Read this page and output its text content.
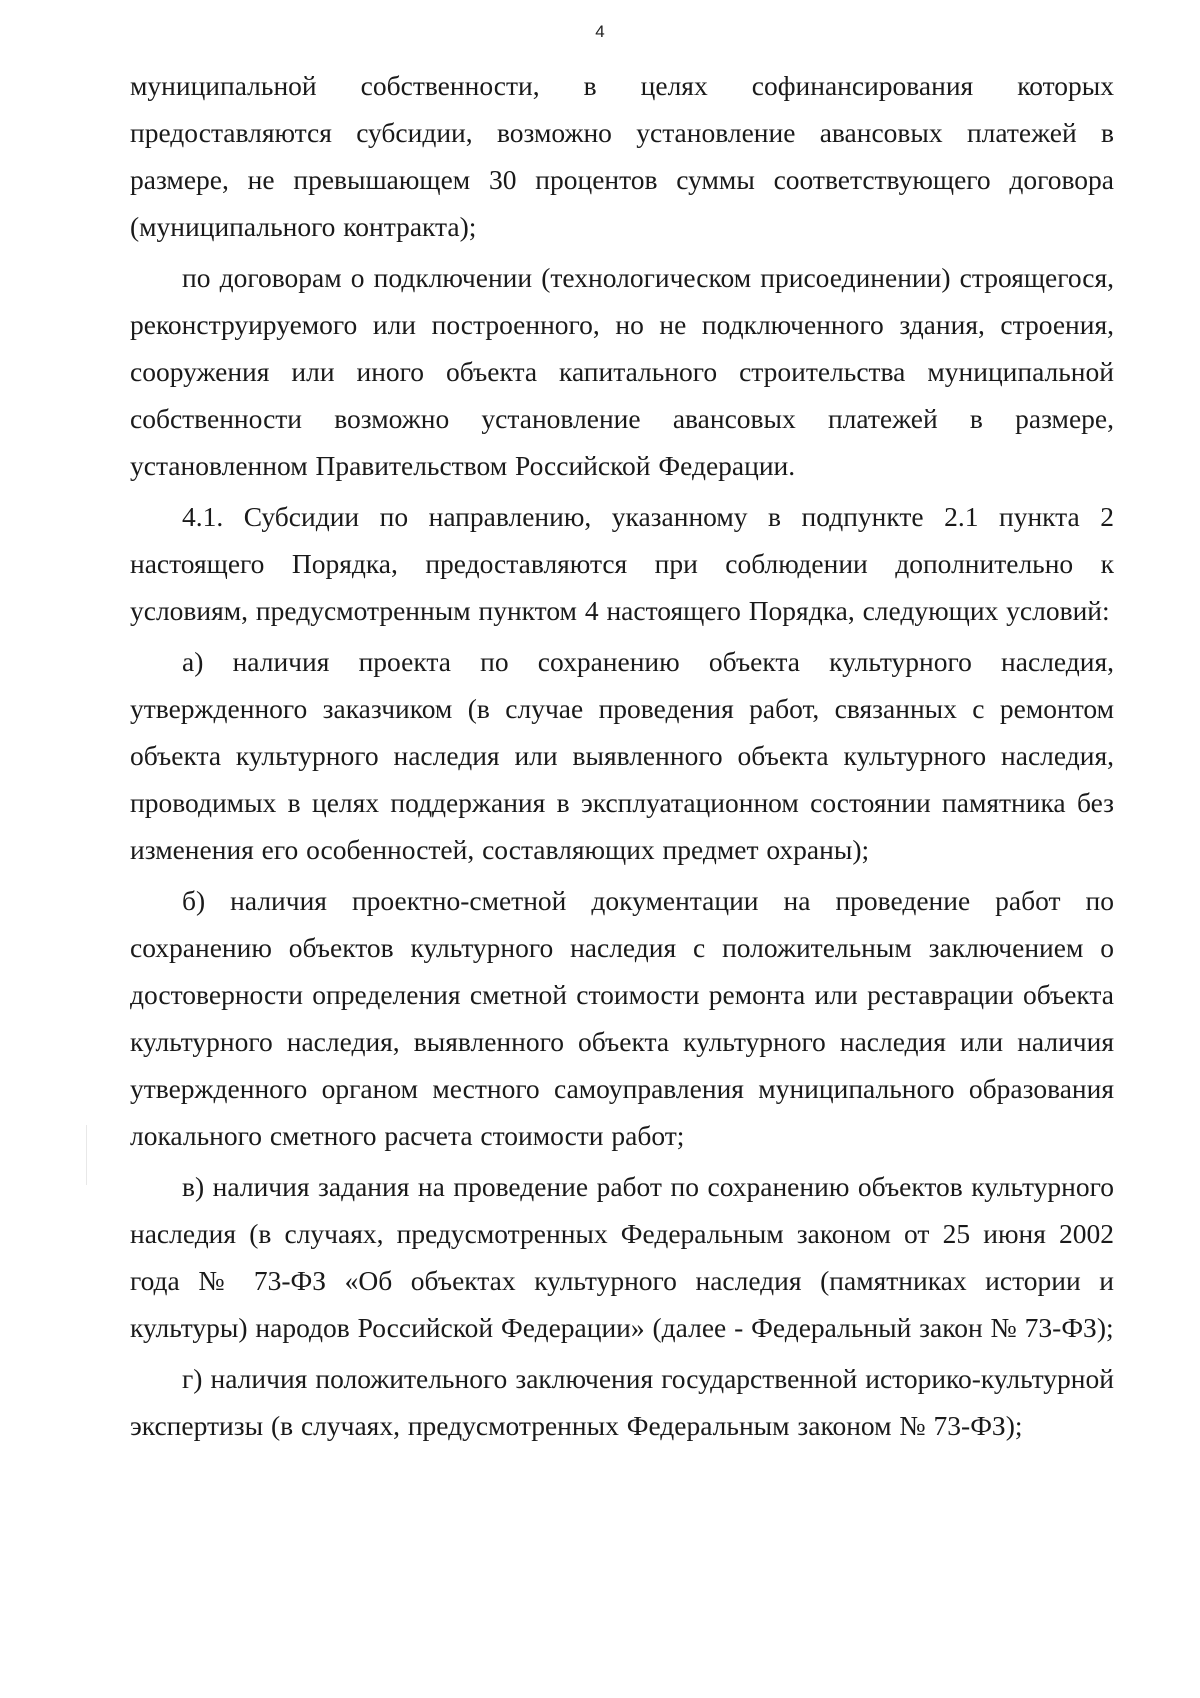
4

муниципальной собственности, в целях софинансирования которых предоставляются субсидии, возможно установление авансовых платежей в размере, не превышающем 30 процентов суммы соответствующего договора (муниципального контракта);

по договорам о подключении (технологическом присоединении) строящегося, реконструируемого или построенного, но не подключенного здания, строения, сооружения или иного объекта капитального строительства муниципальной собственности возможно установление авансовых платежей в размере, установленном Правительством Российской Федерации.

4.1. Субсидии по направлению, указанному в подпункте 2.1 пункта 2 настоящего Порядка, предоставляются при соблюдении дополнительно к условиям, предусмотренным пунктом 4 настоящего Порядка, следующих условий:

а) наличия проекта по сохранению объекта культурного наследия, утвержденного заказчиком (в случае проведения работ, связанных с ремонтом объекта культурного наследия или выявленного объекта культурного наследия, проводимых в целях поддержания в эксплуатационном состоянии памятника без изменения его особенностей, составляющих предмет охраны);

б) наличия проектно-сметной документации на проведение работ по сохранению объектов культурного наследия с положительным заключением о достоверности определения сметной стоимости ремонта или реставрации объекта культурного наследия, выявленного объекта культурного наследия или наличия утвержденного органом местного самоуправления муниципального образования локального сметного расчета стоимости работ;

в) наличия задания на проведение работ по сохранению объектов культурного наследия (в случаях, предусмотренных Федеральным законом от 25 июня 2002 года № 73-ФЗ «Об объектах культурного наследия (памятниках истории и культуры) народов Российской Федерации» (далее - Федеральный закон № 73-ФЗ);

г) наличия положительного заключения государственной историко-культурной экспертизы (в случаях, предусмотренных Федеральным законом № 73-ФЗ);
